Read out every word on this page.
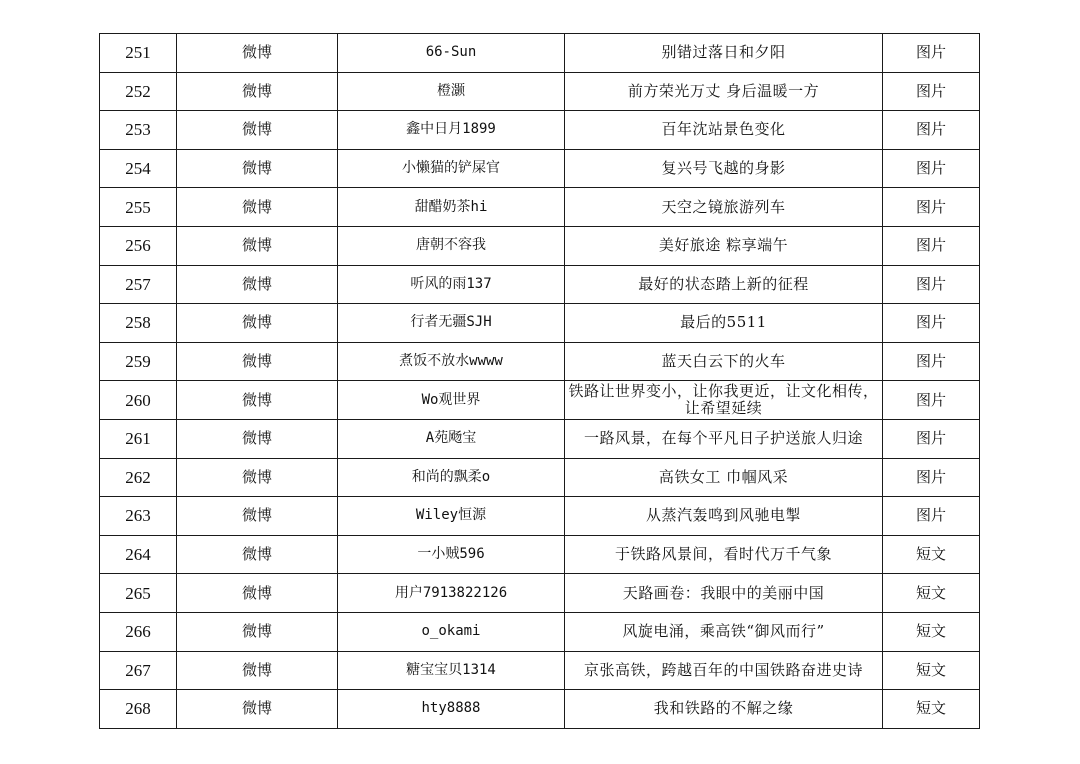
251	微博	66-Sun	别错过落日和夕阳	图片
252	微博	橙灏	前方荣光万丈 身后温暖一方	图片
253	微博	鑫中日月1899	百年沈站景色变化	图片
254	微博	小懒猫的铲屎官	复兴号飞越的身影	图片
255	微博	甜醋奶茶hi	天空之镜旅游列车	图片
256	微博	唐朝不容我	美好旅途 粽享端午	图片
257	微博	听风的雨137	最好的状态踏上新的征程	图片
258	微博	行者无疆SJH	最后的5511	图片
259	微博	煮饭不放水wwww	蓝天白云下的火车	图片
260	微博	Wo观世界	铁路让世界变小，让你我更近，让文化相传，让希望延续	图片
261	微博	A苑飏宝	一路风景，在每个平凡日子护送旅人归途	图片
262	微博	和尚的飘柔o	高铁女工 巾帼风采	图片
263	微博	Wiley恒源	从蒸汽轰鸣到风驰电掣	图片
264	微博	一小贼596	于铁路风景间，看时代万千气象	短文
265	微博	用户7913822126	天路画卷：我眼中的美丽中国	短文
266	微博	o_okami	风旋电涌，乘高铁“御风而行”	短文
267	微博	糖宝宝贝1314	京张高铁，跨越百年的中国铁路奋进史诗	短文
268	微博	hty8888	我和铁路的不解之缘	短文
